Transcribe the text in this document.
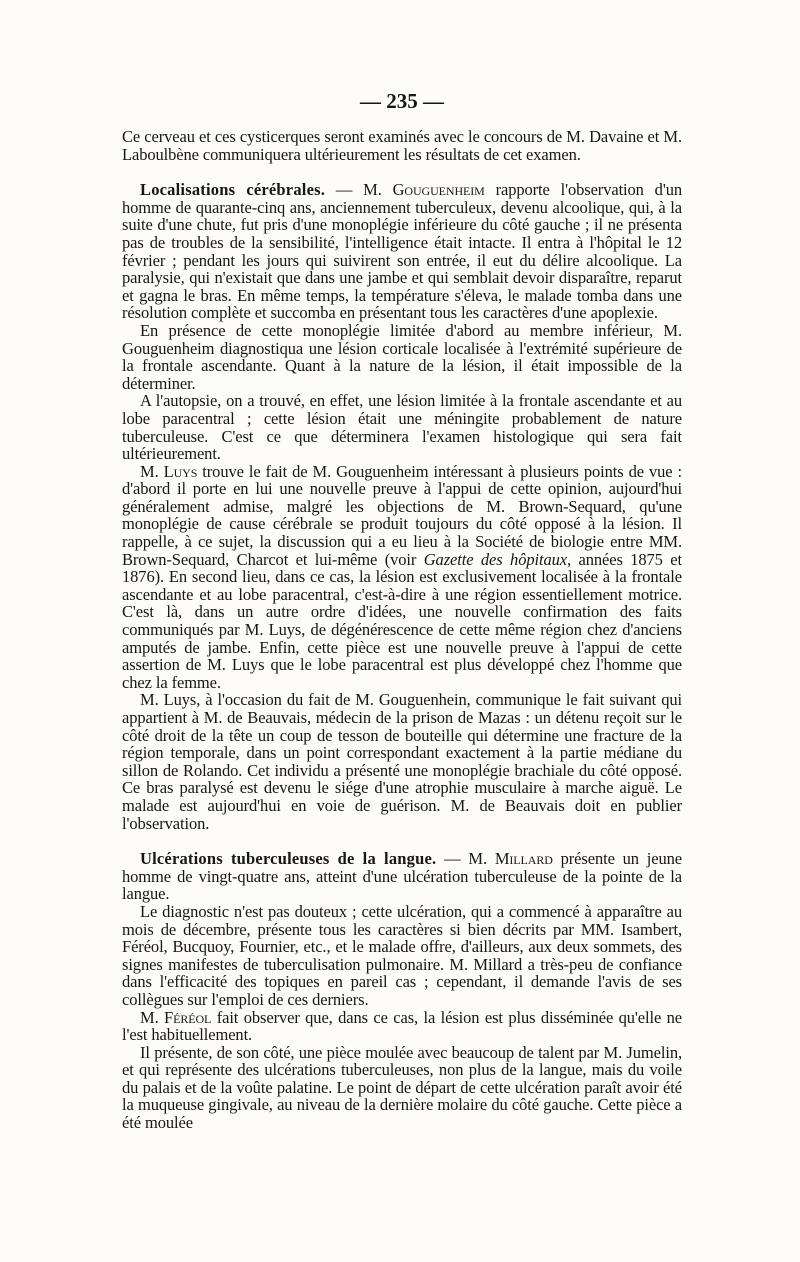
— 235 —

Ce cerveau et ces cysticerques seront examinés avec le concours de M. Davaine et M. Laboulbène communiquera ultérieurement les résultats de cet examen.

Localisations cérébrales. — M. Gouguenheim rapporte l'observation d'un homme de quarante-cinq ans, anciennement tuberculeux, devenu alcoolique, qui, à la suite d'une chute, fut pris d'une monoplégie inférieure du côté gauche ; il ne présenta pas de troubles de la sensibilité, l'intelligence était intacte. Il entra à l'hôpital le 12 février ; pendant les jours qui suivirent son entrée, il eut du délire alcoolique. La paralysie, qui n'existait que dans une jambe et qui semblait devoir disparaître, reparut et gagna le bras. En même temps, la température s'éleva, le malade tomba dans une résolution complète et succomba en présentant tous les caractères d'une apoplexie.

En présence de cette monoplégie limitée d'abord au membre inférieur, M. Gouguenheim diagnostiqua une lésion corticale localisée à l'extrémité supérieure de la frontale ascendante. Quant à la nature de la lésion, il était impossible de la déterminer.

A l'autopsie, on a trouvé, en effet, une lésion limitée à la frontale ascendante et au lobe paracentral ; cette lésion était une méningite probablement de nature tuberculeuse. C'est ce que déterminera l'examen histologique qui sera fait ultérieurement.

M. Luys trouve le fait de M. Gouguenheim intéressant à plusieurs points de vue : d'abord il porte en lui une nouvelle preuve à l'appui de cette opinion, aujourd'hui généralement admise, malgré les objections de M. Brown-Sequard, qu'une monoplégie de cause cérébrale se produit toujours du côté opposé à la lésion. Il rappelle, à ce sujet, la discussion qui a eu lieu à la Société de biologie entre MM. Brown-Sequard, Charcot et lui-même (voir Gazette des hôpitaux, années 1875 et 1876). En second lieu, dans ce cas, la lésion est exclusivement localisée à la frontale ascendante et au lobe paracentral, c'est-à-dire à une région essentiellement motrice. C'est là, dans un autre ordre d'idées, une nouvelle confirmation des faits communiqués par M. Luys, de dégénérescence de cette même région chez d'anciens amputés de jambe. Enfin, cette pièce est une nouvelle preuve à l'appui de cette assertion de M. Luys que le lobe paracentral est plus développé chez l'homme que chez la femme.

M. Luys, à l'occasion du fait de M. Gouguenhein, communique le fait suivant qui appartient à M. de Beauvais, médecin de la prison de Mazas : un détenu reçoit sur le côté droit de la tête un coup de tesson de bouteille qui détermine une fracture de la région temporale, dans un point correspondant exactement à la partie médiane du sillon de Rolando. Cet individu a présenté une monoplégie brachiale du côté opposé. Ce bras paralysé est devenu le siége d'une atrophie musculaire à marche aiguë. Le malade est aujourd'hui en voie de guérison. M. de Beauvais doit en publier l'observation.

Ulcérations tuberculeuses de la langue. — M. Millard présente un jeune homme de vingt-quatre ans, atteint d'une ulcération tuberculeuse de la pointe de la langue.

Le diagnostic n'est pas douteux ; cette ulcération, qui a commencé à apparaître au mois de décembre, présente tous les caractères si bien décrits par MM. Isambert, Féréol, Bucquoy, Fournier, etc., et le malade offre, d'ailleurs, aux deux sommets, des signes manifestes de tuberculisation pulmonaire. M. Millard a très-peu de confiance dans l'efficacité des topiques en pareil cas ; cependant, il demande l'avis de ses collègues sur l'emploi de ces derniers.

M. Féréol fait observer que, dans ce cas, la lésion est plus disséminée qu'elle ne l'est habituellement.

Il présente, de son côté, une pièce moulée avec beaucoup de talent par M. Jumelin, et qui représente des ulcérations tuberculeuses, non plus de la langue, mais du voile du palais et de la voûte palatine. Le point de départ de cette ulcération paraît avoir été la muqueuse gingivale, au niveau de la dernière molaire du côté gauche. Cette pièce a été moulée
